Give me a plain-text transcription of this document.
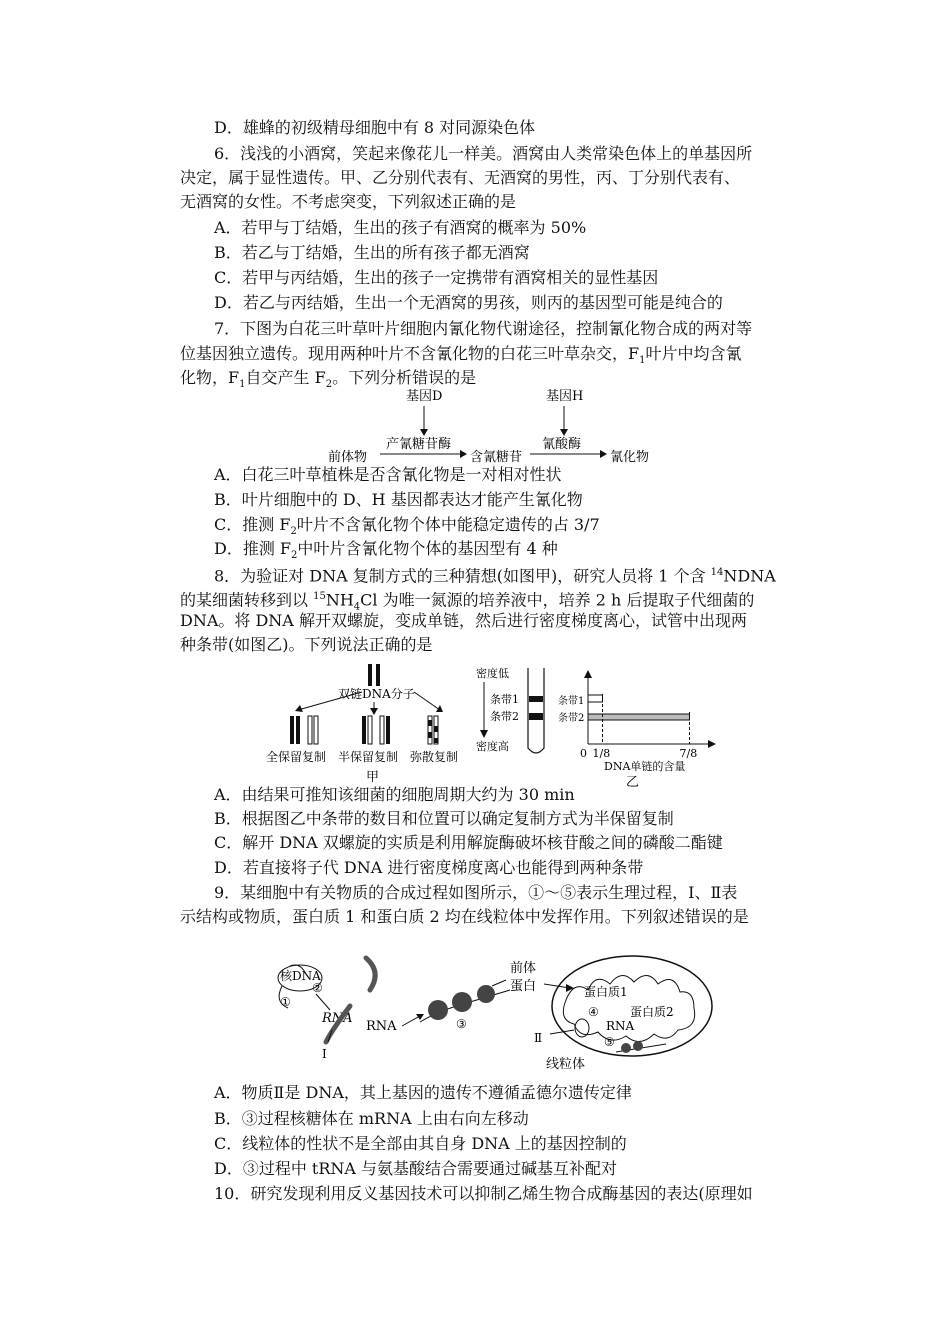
D．雄蜂的初级精母细胞中有 8 对同源染色体
6．浅浅的小酒窝，笑起来像花儿一样美。酒窝由人类常染色体上的单基因所
决定，属于显性遗传。甲、乙分别代表有、无酒窝的男性，丙、丁分别代表有、
无酒窝的女性。不考虑突变，下列叙述正确的是
A．若甲与丁结婚，生出的孩子有酒窝的概率为 50%
B．若乙与丁结婚，生出的所有孩子都无酒窝
C．若甲与丙结婚，生出的孩子一定携带有酒窝相关的显性基因
D．若乙与丙结婚，生出一个无酒窝的男孩，则丙的基因型可能是纯合的
7．下图为白花三叶草叶片细胞内氰化物代谢途径，控制氰化物合成的两对等
位基因独立遗传。现用两种叶片不含氰化物的白花三叶草杂交，$F_1$叶片中均含氰
化物，$F_1$自交产生 $F_2$。下列分析错误的是
基因D	基因H
产氰糖苷酶	氰酸酶
前体物	含氰糖苷	氰化物
A．白花三叶草植株是否含氰化物是一对相对性状
B．叶片细胞中的 D、H 基因都表达才能产生氰化物
C．推测 $F_2$叶片不含氰化物个体中能稳定遗传的占 3/7
D．推测 $F_2$中叶片含氰化物个体的基因型有 4 种
8．为验证对 DNA 复制方式的三种猜想(如图甲)，研究人员将 1 个含 $^{14}$NDNA
的某细菌转移到以 $^{15}NH_4Cl$ 为唯一氮源的培养液中，培养 2 h 后提取子代细菌的
DNA。将 DNA 解开双螺旋，变成单链，然后进行密度梯度离心，试管中出现两
种条带(如图乙)。下列说法正确的是
双链DNA分子
全保留复制 半保留复制 弥散复制
甲
密度低
条带1
条带2
密度高
条带1
条带2
0 1/8	7/8
DNA单链的含量
乙
A．由结果可推知该细菌的细胞周期大约为 30 min
B．根据图乙中条带的数目和位置可以确定复制方式为半保留复制
C．解开 DNA 双螺旋的实质是利用解旋酶破坏核苷酸之间的磷酸二酯键
D．若直接将子代 DNA 进行密度梯度离心也能得到两种条带
9．某细胞中有关物质的合成过程如图所示，①～⑤表示生理过程，Ⅰ、Ⅱ表
示结构或物质，蛋白质 1 和蛋白质 2 均在线粒体中发挥作用。下列叙述错误的是
核DNA
①
②
RNA
Ⅰ
RNA	③
前体
蛋白	蛋白质1
蛋白质2
④
RNA
⑤
Ⅱ
线粒体
A．物质Ⅱ是 DNA，其上基因的遗传不遵循孟德尔遗传定律
B．③过程核糖体在 mRNA 上由右向左移动
C．线粒体的性状不是全部由其自身 DNA 上的基因控制的
D．③过程中 tRNA 与氨基酸结合需要通过碱基互补配对
10．研究发现利用反义基因技术可以抑制乙烯生物合成酶基因的表达(原理如
